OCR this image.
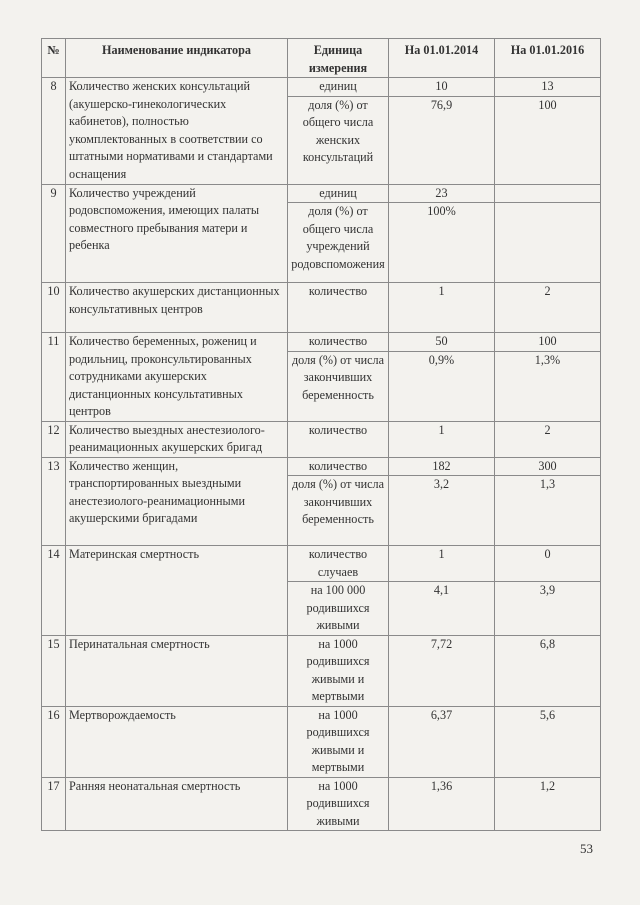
№	Наименование индикатора	Единица измерения	На 01.01.2014	На 01.01.2016
8	Количество женских консультаций (акушерско-гинекологических кабинетов), полностью укомплектованных в соответствии со штатными нормативами и стандартами оснащения	единиц	10	13
		доля (%) от общего числа женских консультаций	76,9	100
9	Количество учреждений родовспоможения, имеющих палаты совместного пребывания матери и ребенка	единиц	23	
		доля (%) от общего числа учреждений родовспоможения	100%	
10	Количество акушерских дистанционных консультативных центров	количество	1	2
11	Количество беременных, рожениц и родильниц, проконсультированных сотрудниками акушерских дистанционных консультативных центров	количество	50	100
		доля (%) от числа закончивших беременность	0,9%	1,3%
12	Количество выездных анестезиолого-реанимационных акушерских бригад	количество	1	2
13	Количество женщин, транспортированных выездными анестезиолого-реанимационными акушерскими бригадами	количество	182	300
		доля (%) от числа закончивших беременность	3,2	1,3
14	Материнская смертность	количество случаев	1	0
		на 100 000 родившихся живыми	4,1	3,9
15	Перинатальная смертность	на 1000 родившихся живыми и мертвыми	7,72	6,8
16	Мертворождаемость	на 1000 родившихся живыми и мертвыми	6,37	5,6
17	Ранняя неонатальная смертность	на 1000 родившихся живыми	1,36	1,2
53
